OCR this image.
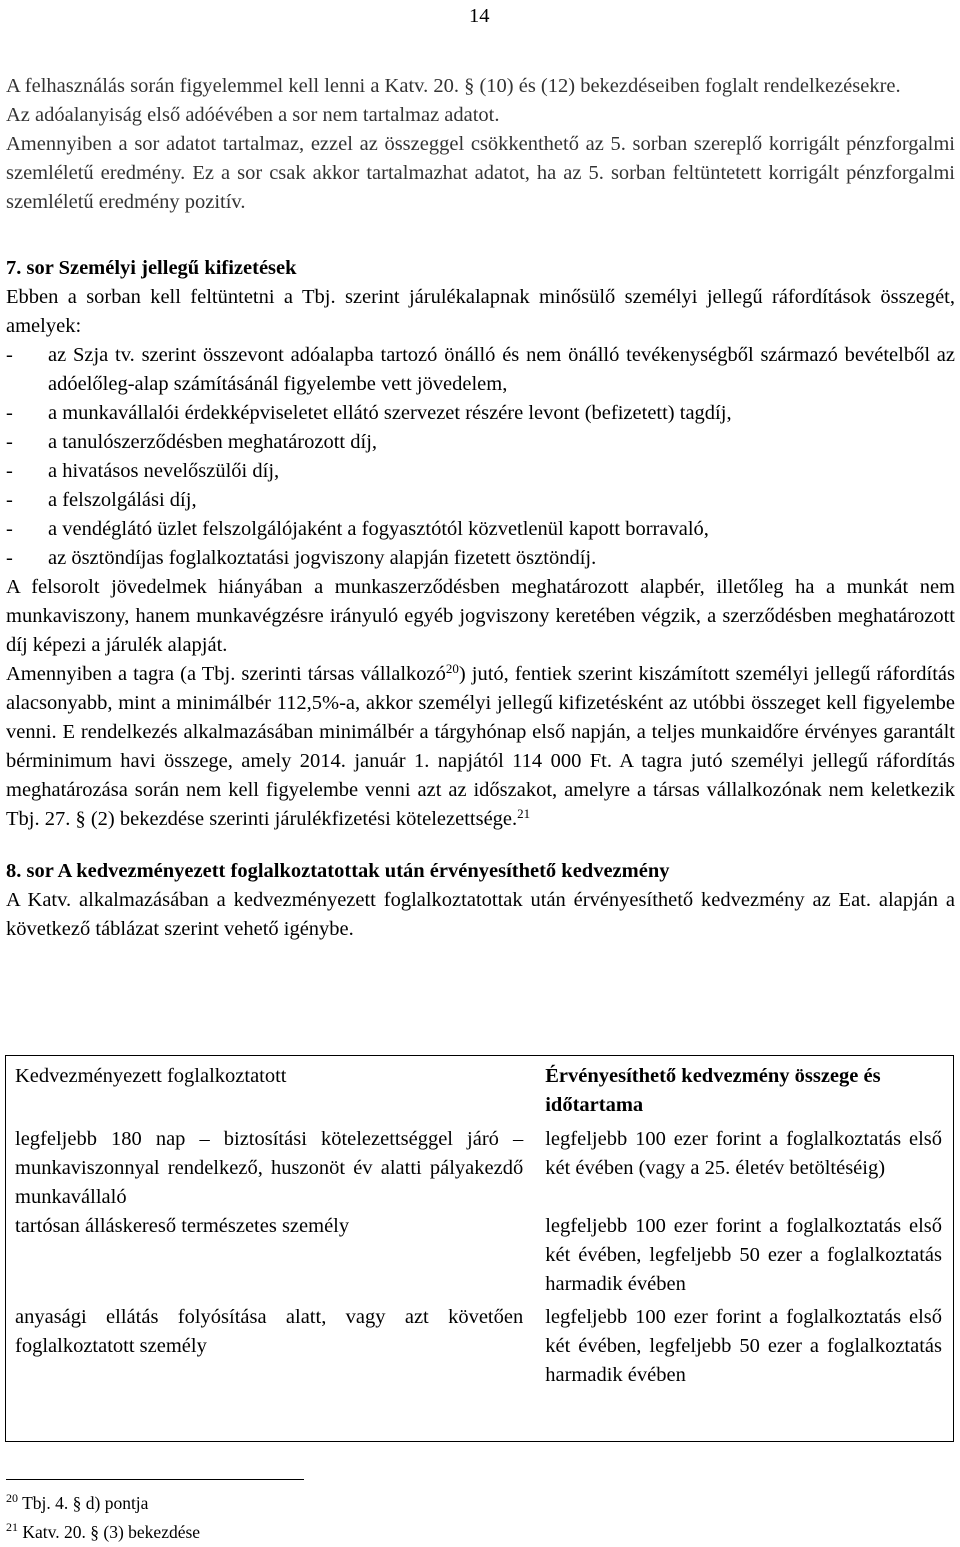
14

A felhasználás során figyelemmel kell lenni a Katv. 20. § (10) és (12) bekezdéseiben foglalt rendelkezésekre.

Az adóalanyiság első adóévében a sor nem tartalmaz adatot.

Amennyiben a sor adatot tartalmaz, ezzel az összeggel csökkenthető az 5. sorban szereplő korrigált pénzforgalmi szemléletű eredmény. Ez a sor csak akkor tartalmazhat adatot, ha az 5. sorban feltüntetett korrigált pénzforgalmi szemléletű eredmény pozitív.

7. sor Személyi jellegű kifizetések

Ebben a sorban kell feltüntetni a Tbj. szerint járulékalapnak minősülő személyi jellegű ráfordítások összegét, amelyek:

-	az Szja tv. szerint összevont adóalapba tartozó önálló és nem önálló tevékenységből származó bevételből az adóelőleg-alap számításánál figyelembe vett jövedelem,
-	a munkavállalói érdekképviseletet ellátó szervezet részére levont (befizetett) tagdíj,
-	a tanulószerződésben meghatározott díj,
-	a hivatásos nevelőszülői díj,
-	a felszolgálási díj,
-	a vendéglátó üzlet felszolgálójaként a fogyasztótól közvetlenül kapott borravaló,
-	az ösztöndíjas foglalkoztatási jogviszony alapján fizetett ösztöndíj.

A felsorolt jövedelmek hiányában a munkaszerződésben meghatározott alapbér, illetőleg ha a munkát nem munkaviszony, hanem munkavégzésre irányuló egyéb jogviszony keretében végzik, a szerződésben meghatározott díj képezi a járulék alapját.

Amennyiben a tagra (a Tbj. szerinti társas vállalkozó$^{20}$) jutó, fentiek szerint kiszámított személyi jellegű ráfordítás alacsonyabb, mint a minimálbér 112,5%-a, akkor személyi jellegű kifizetésként az utóbbi összeget kell figyelembe venni. E rendelkezés alkalmazásában minimálbér a tárgyhónap első napján, a teljes munkaidőre érvényes garantált bérminimum havi összege, amely 2014. január 1. napjától 114 000 Ft. A tagra jutó személyi jellegű ráfordítás meghatározása során nem kell figyelembe venni azt az időszakot, amelyre a társas vállalkozónak nem keletkezik Tbj. 27. § (2) bekezdése szerinti járulékfizetési kötelezettsége.$^{21}$

8. sor A kedvezményezett foglalkoztatottak után érvényesíthető kedvezmény

A Katv. alkalmazásában a kedvezményezett foglalkoztatottak után érvényesíthető kedvezmény az Eat. alapján a következő táblázat szerint vehető igénybe.

Kedvezményezett foglalkoztatott	Érvényesíthető kedvezmény összege és időtartama
legfeljebb 180 nap – biztosítási kötelezettséggel járó – munkaviszonnyal rendelkező, huszonöt év alatti pályakezdő munkavállaló	legfeljebb 100 ezer forint a foglalkoztatás első két évében (vagy a 25. életév betöltéséig)
tartósan álláskereső természetes személy	legfeljebb 100 ezer forint a foglalkoztatás első két évében, legfeljebb 50 ezer a foglalkoztatás harmadik évében
anyasági ellátás folyósítása alatt, vagy azt követően foglalkoztatott személy	legfeljebb 100 ezer forint a foglalkoztatás első két évében, legfeljebb 50 ezer a foglalkoztatás harmadik évében
$^{20}$ Tbj. 4. § d) pontja
$^{21}$ Katv. 20. § (3) bekezdése
